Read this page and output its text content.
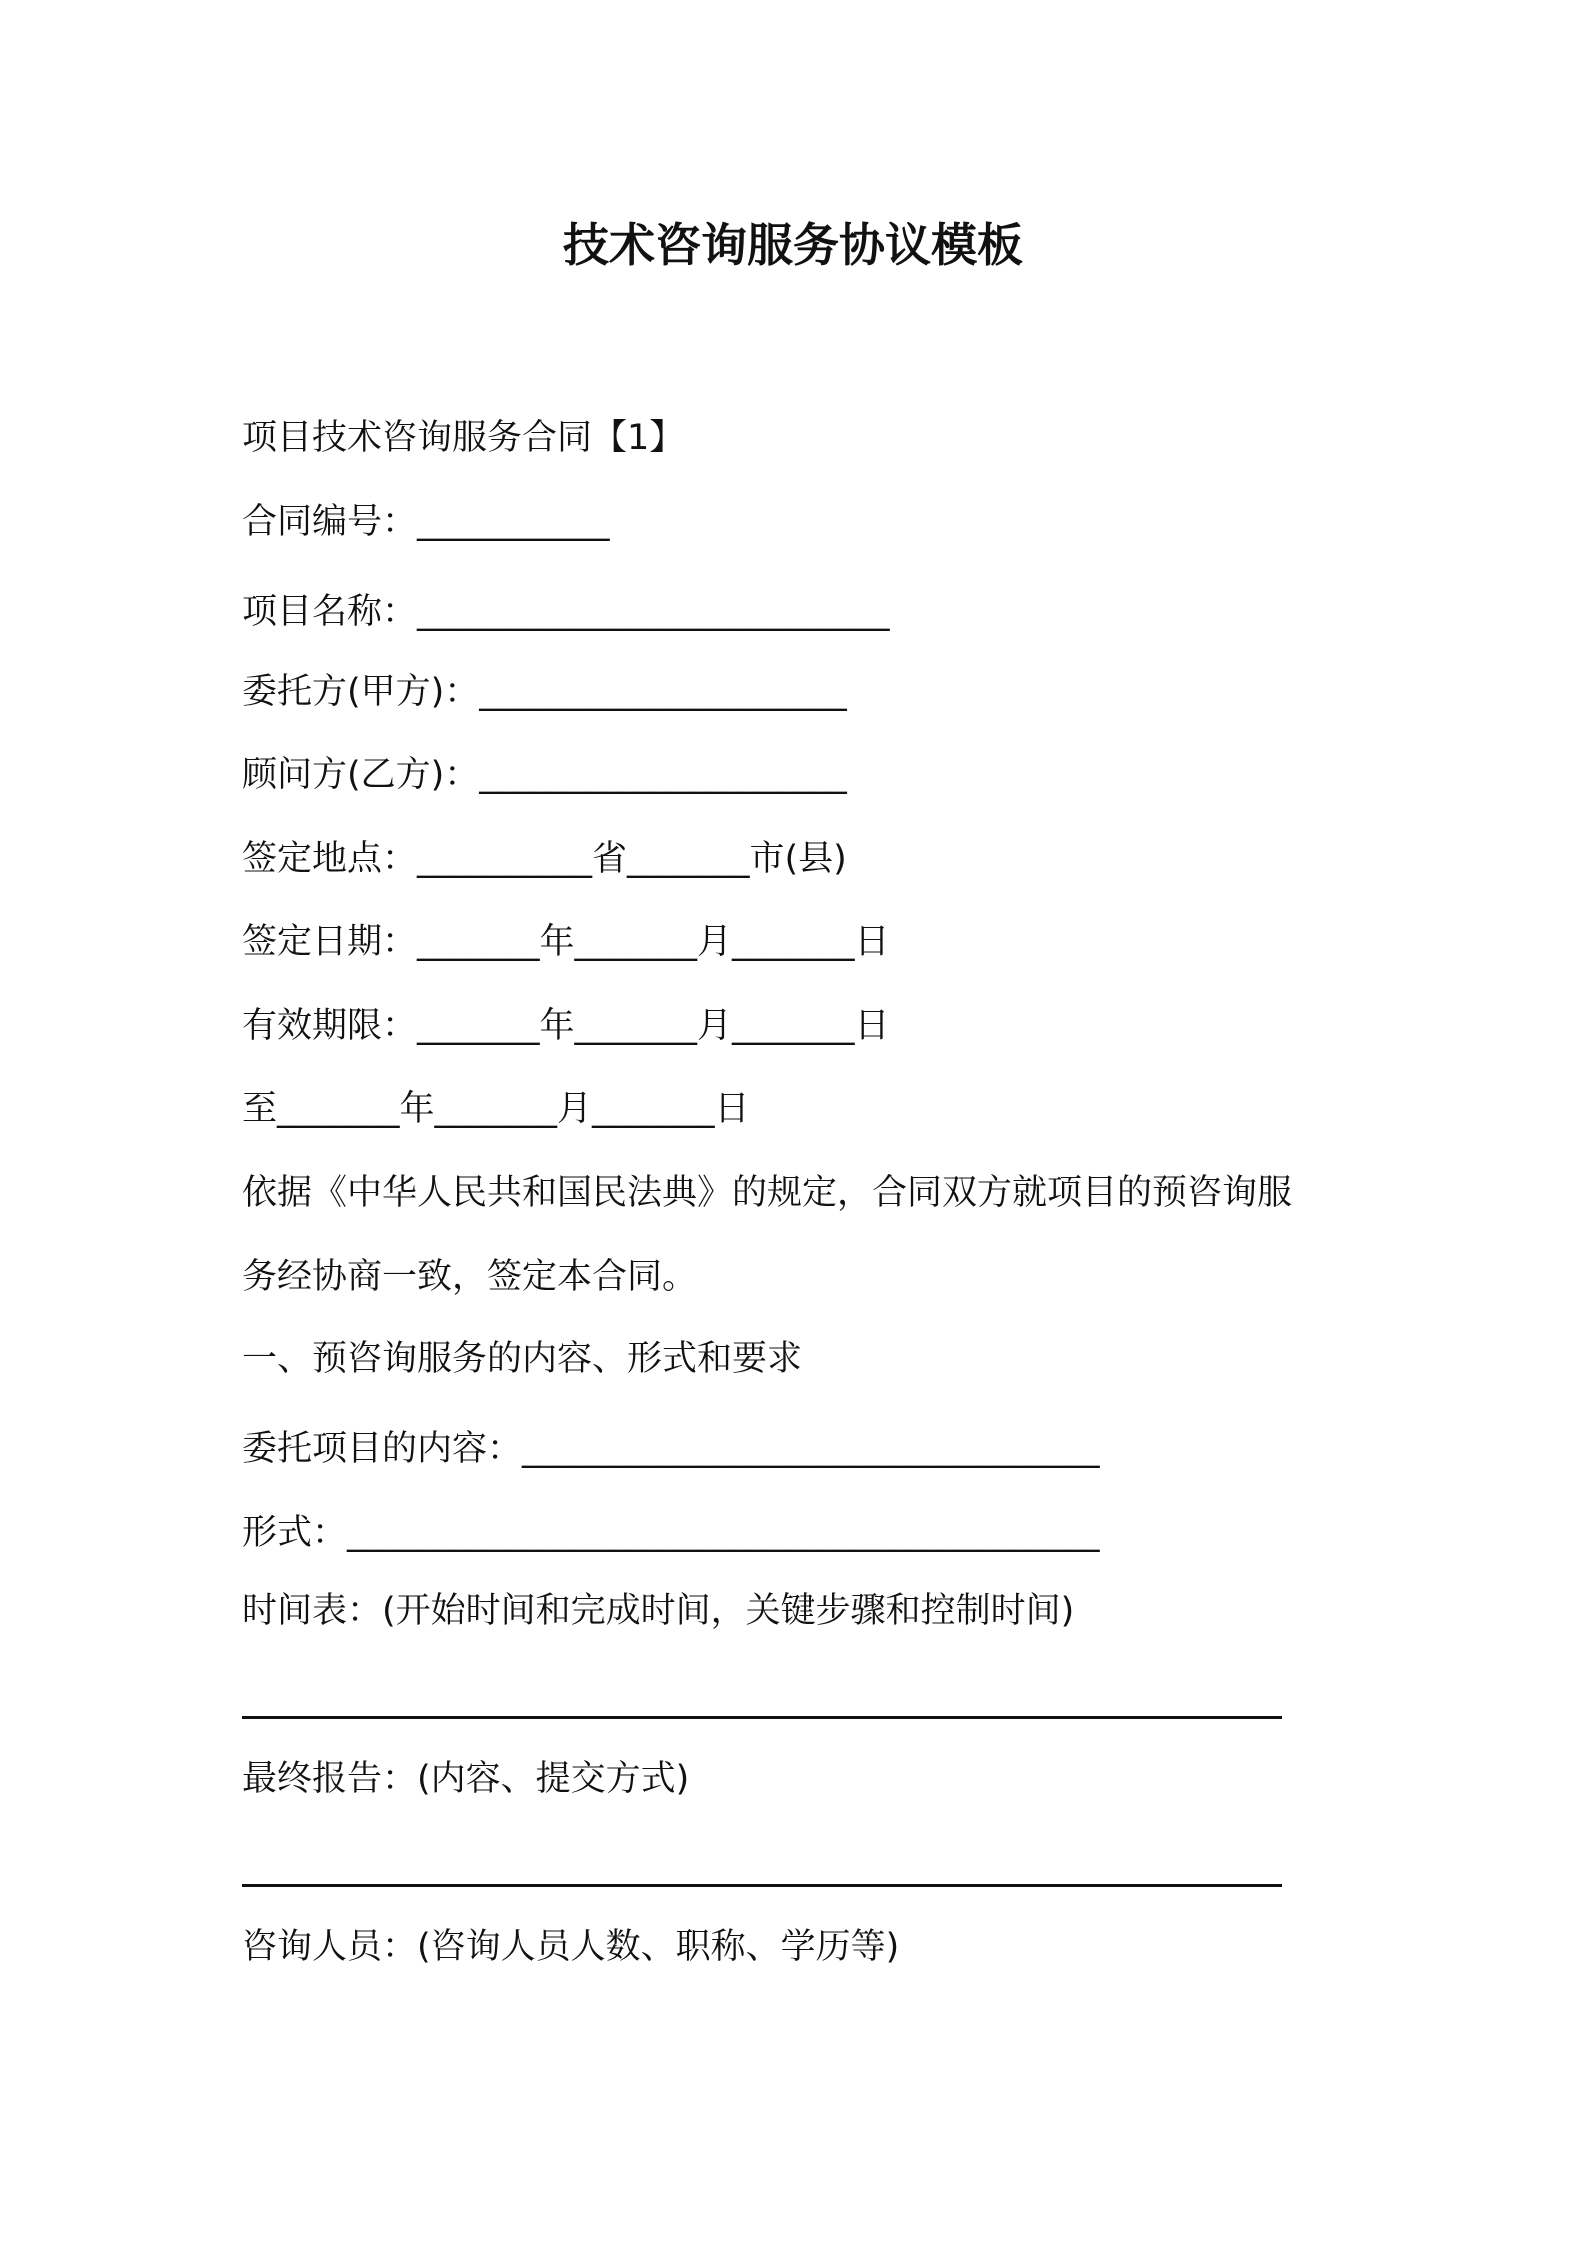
技术咨询服务协议模板
项目技术咨询服务合同【1】
合同编号：___________
项目名称：___________________________
委托方(甲方)：_____________________
顾问方(乙方)：_____________________
签定地点：__________省_______市(县)
签定日期：_______年_______月_______日
有效期限：_______年_______月_______日
至_______年_______月_______日
依据《中华人民共和国民法典》的规定，合同双方就项目的预咨询服
务经协商一致，签定本合同。
一、预咨询服务的内容、形式和要求
委托项目的内容：_________________________________
形式：___________________________________________
时间表：(开始时间和完成时间，关键步骤和控制时间)
最终报告：(内容、提交方式)
咨询人员：(咨询人员人数、职称、学历等)
